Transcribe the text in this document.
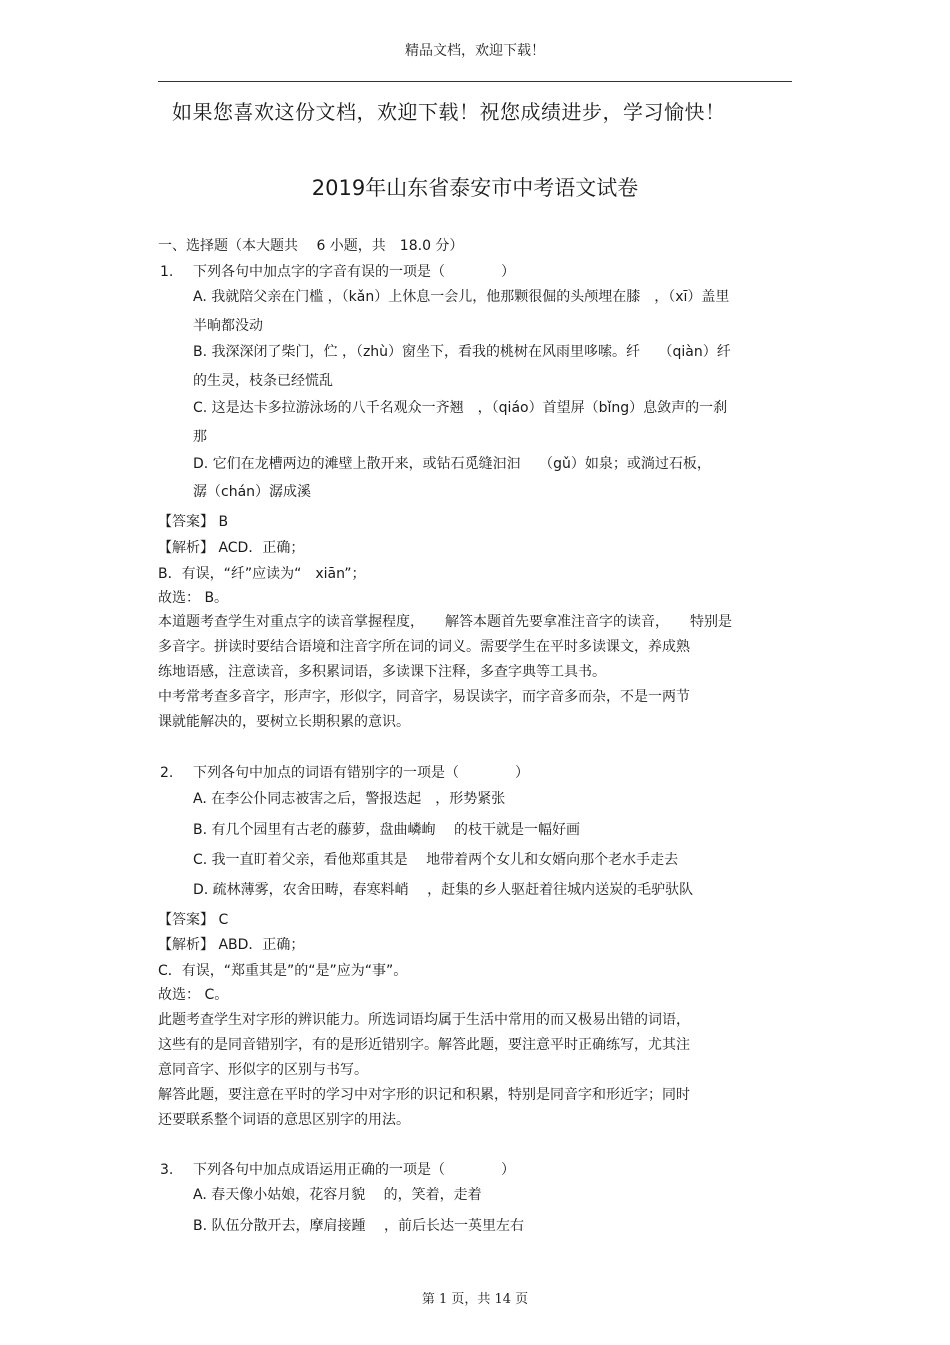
精品文档，欢迎下载！
如果您喜欢这份文档，欢迎下载！祝您成绩进步，学习愉快！
2019年山东省泰安市中考语文试卷
一、选择题（本大题共　 6 小题，共　18.0 分）
1. 下列各句中加点字的字音有误的一项是（　　　　）
A. 我就陪父亲在门槛 ，（kǎn）上休息一会儿，他那颗很倔的头颅埋在膝　，（xī）盖里
半晌都没动
B. 我深深闭了柴门，伫 ，（zhù）窗坐下，看我的桃树在风雨里哆嗦。纤　 （qiàn）纤
的生灵，枝条已经慌乱
C. 这是达卡多拉游泳场的八千名观众一齐翘　，（qiáo）首望屏（bǐng）息敛声的一刹
那
D. 它们在龙槽两边的滩壁上散开来，或钻石觅缝汩汩　 （gǔ）如泉；或淌过石板，
潺（chán）潺成溪
【答案】 B
【解析】 ACD．正确；
B．有误，“纤”应读为“　xiān”；
故选： B。
本道题考查学生对重点字的读音掌握程度，　　解答本题首先要拿准注音字的读音，　　特别是
多音字。拼读时要结合语境和注音字所在词的词义。需要学生在平时多读课文，养成熟
练地语感，注意读音，多积累词语，多读课下注释，多查字典等工具书。
中考常考查多音字，形声字，形似字，同音字，易误读字，而字音多而杂，不是一两节
课就能解决的，要树立长期积累的意识。
2. 下列各句中加点的词语有错别字的一项是（　　　　）
A. 在李公仆同志被害之后，警报迭起　，形势紧张
B. 有几个园里有古老的藤萝，盘曲嶙峋　 的枝干就是一幅好画
C. 我一直盯着父亲，看他郑重其是　 地带着两个女儿和女婿向那个老水手走去
D. 疏林薄雾，农舍田畴，春寒料峭　 ，赶集的乡人驱赶着往城内送炭的毛驴驮队
【答案】 C
【解析】 ABD．正确；
C．有误，“郑重其是”的“是”应为“事”。
故选： C。
此题考查学生对字形的辨识能力。所选词语均属于生活中常用的而又极易出错的词语，
这些有的是同音错别字，有的是形近错别字。解答此题，要注意平时正确练写，尤其注
意同音字、形似字的区别与书写。
解答此题，要注意在平时的学习中对字形的识记和积累，特别是同音字和形近字；同时
还要联系整个词语的意思区别字的用法。
3. 下列各句中加点成语运用正确的一项是（　　　　）
A. 春天像小姑娘，花容月貌　 的，笑着，走着
B. 队伍分散开去，摩肩接踵　 ，前后长达一英里左右
第 1 页，共 14 页
